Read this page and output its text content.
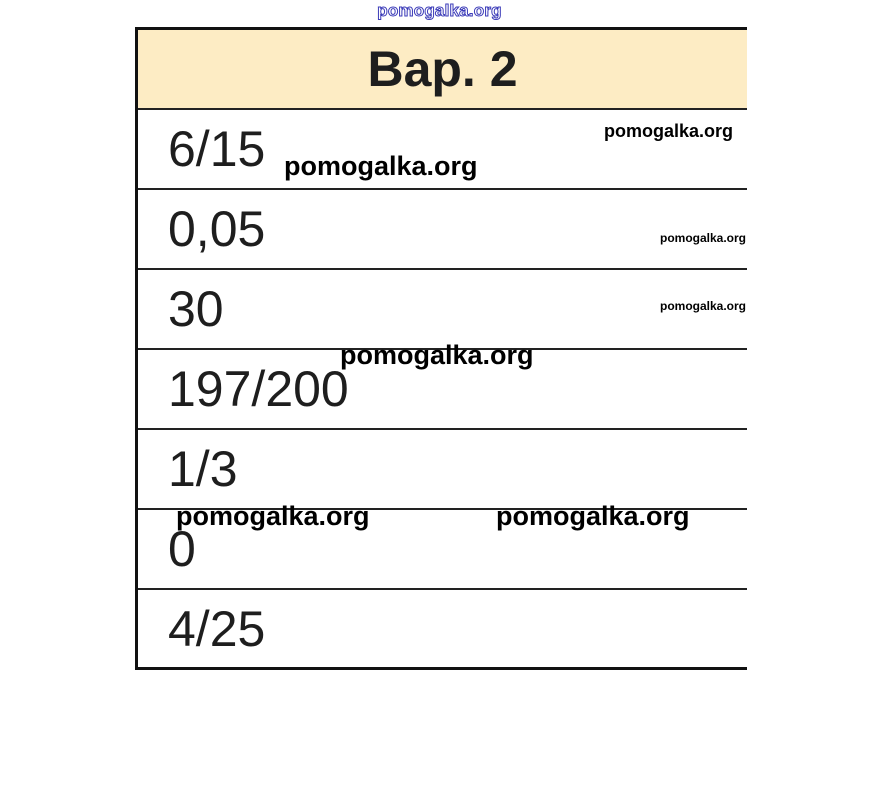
pomogalka.org
Вар. 2
6/15
0,05
30
197/200
1/3
0
4/25
pomogalka.org
pomogalka.org
pomogalka.org
pomogalka.org
pomogalka.org
pomogalka.org	pomogalka.org
